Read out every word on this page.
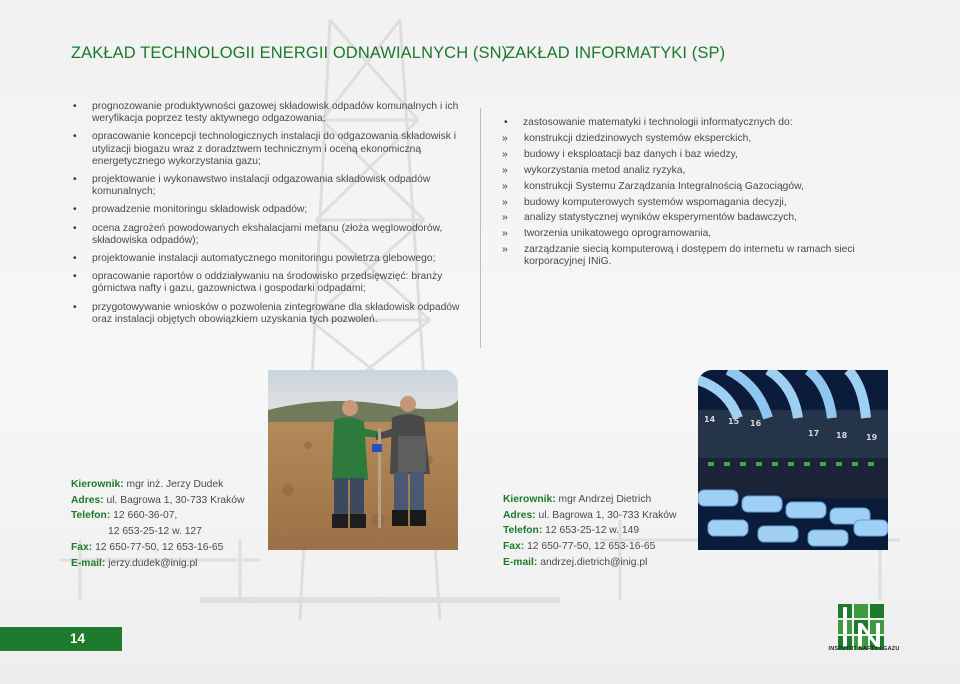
ZAKŁAD TECHNOLOGII ENERGII ODNAWIALNYCH (SN)
ZAKŁAD INFORMATYKI (SP)
• prognozowanie produktywności gazowej składowisk odpadów komunalnych i ich weryfikacja poprzez testy aktywnego odgazowania;
• opracowanie koncepcji technologicznych instalacji do odgazowania składowisk i utylizacji biogazu wraz z doradztwem technicznym i oceną ekonomiczną energetycznego wykorzystania gazu;
• projektowanie i wykonawstwo instalacji odgazowania składowisk odpadów komunalnych;
• prowadzenie monitoringu składowisk odpadów;
• ocena zagrożeń powodowanych ekshalacjami metanu (złoża węglowodorów, składowiska odpadów);
• projektowanie instalacji automatycznego monitoringu powietrza glebowego;
• opracowanie raportów o oddziaływaniu na środowisko przedsięwzięć: branży górnictwa nafty i gazu, gazownictwa i gospodarki odpadami;
• przygotowywanie wniosków o pozwolenia zintegrowane dla składowisk odpadów oraz instalacji objętych obowiązkiem uzyskania tych pozwoleń.
• zastosowanie matematyki i technologii informatycznych do:
» konstrukcji dziedzinowych systemów eksperckich,
» budowy i eksploatacji baz danych i baz wiedzy,
» wykorzystania metod analiz ryzyka,
» konstrukcji Systemu Zarządzania Integralnością Gazociągów,
» budowy komputerowych systemów wspomagania decyzji,
» analizy statystycznej wyników eksperymentów badawczych,
» tworzenia unikatowego oprogramowania,
» zarządzanie siecią komputerową i dostępem do internetu w ramach sieci korporacyjnej INiG.
14 15 16
17 18 19
Kierownik: mgr inż. Jerzy Dudek
Adres: ul. Bagrowa 1, 30-733 Kraków
Telefon: 12 660-36-07,
12 653-25-12 w. 127
Fax: 12 650-77-50, 12 653-16-65
E-mail: jerzy.dudek@inig.pl
Kierownik: mgr Andrzej Dietrich
Adres: ul. Bagrowa 1, 30-733 Kraków
Telefon: 12 653-25-12 w. 149
Fax: 12 650-77-50, 12 653-16-65
E-mail: andrzej.dietrich@inig.pl
14
INSTYTUT NAFTY I GAZU
